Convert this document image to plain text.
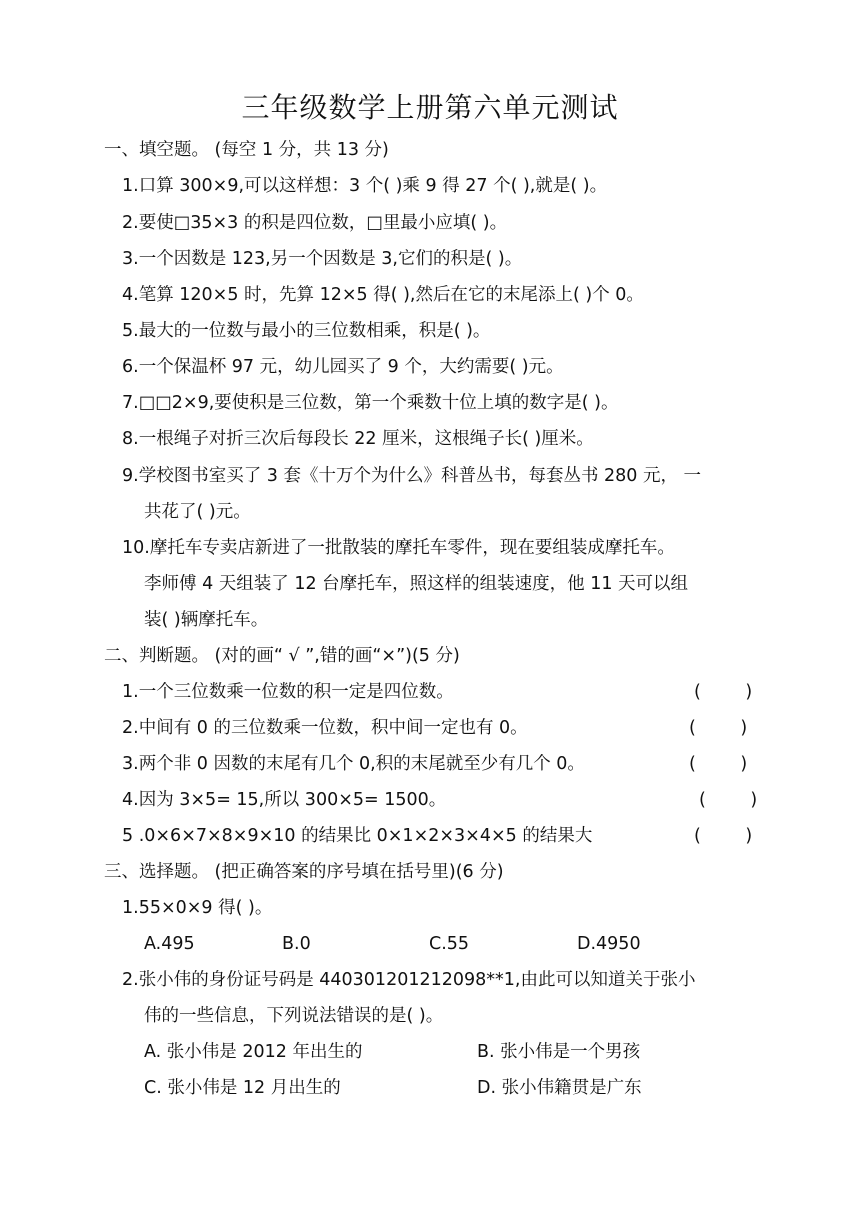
三年级数学上册第六单元测试
一、填空题。 (每空 1 分，共 13 分)
1.口算 300×9,可以这样想：3 个( )乘 9 得 27 个( ),就是( )。
2.要使□35×3 的积是四位数，□里最小应填( )。
3.一个因数是 123,另一个因数是 3,它们的积是( )。
4.笔算 120×5 时，先算 12×5 得( ),然后在它的末尾添上( )个 0。
5.最大的一位数与最小的三位数相乘，积是( )。
6.一个保温杯 97 元，幼儿园买了 9 个，大约需要( )元。
7.□□2×9,要使积是三位数，第一个乘数十位上填的数字是( )。
8.一根绳子对折三次后每段长 22 厘米，这根绳子长( )厘米。
9.学校图书室买了 3 套《十万个为什么》科普丛书，每套丛书 280 元， 一
共花了( )元。
10.摩托车专卖店新进了一批散装的摩托车零件，现在要组装成摩托车。
李师傅 4 天组装了 12 台摩托车，照这样的组装速度，他 11 天可以组
装( )辆摩托车。
二、判断题。 (对的画“ √ ”,错的画“×”)(5 分)
1.一个三位数乘一位数的积一定是四位数。	(        )
2.中间有 0 的三位数乘一位数，积中间一定也有 0。	(        )
3.两个非 0 因数的末尾有几个 0,积的末尾就至少有几个 0。	(        )
4.因为 3×5= 15,所以 300×5= 1500。	(        )
5 .0×6×7×8×9×10 的结果比 0×1×2×3×4×5 的结果大	(        )
三、选择题。 (把正确答案的序号填在括号里)(6 分)
1.55×0×9 得( )。
A.495	B.0	C.55	D.4950
2.张小伟的身份证号码是 440301201212098**1,由此可以知道关于张小
伟的一些信息，下列说法错误的是( )。
A. 张小伟是 2012 年出生的	B. 张小伟是一个男孩
C. 张小伟是 12 月出生的	D. 张小伟籍贯是广东
